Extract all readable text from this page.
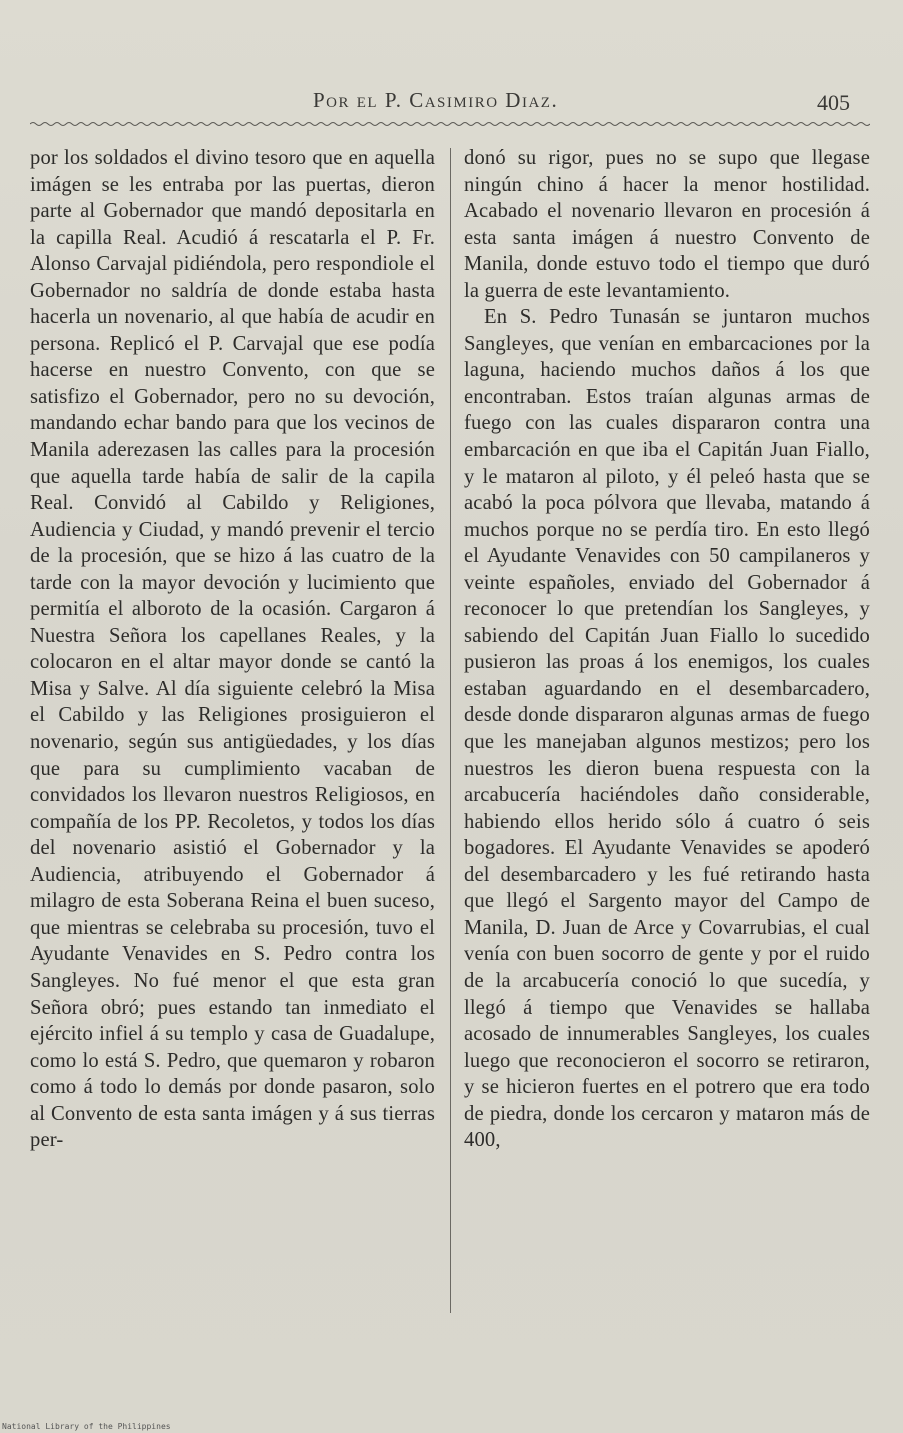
Por el P. Casimiro Diaz.	405

por los soldados el divino tesoro que en aquella imágen se les entraba por las puertas, dieron parte al Gobernador que mandó depositarla en la capilla Real. Acudió á rescatarla el P. Fr. Alonso Carvajal pidiéndola, pero respondiole el Gobernador no saldría de donde estaba hasta hacerla un novenario, al que había de acudir en persona. Replicó el P. Carvajal que ese podía hacerse en nuestro Convento, con que se satisfizo el Gobernador, pero no su devoción, mandando echar bando para que los vecinos de Manila aderezasen las calles para la procesión que aquella tarde había de salir de la capila Real. Convidó al Cabildo y Religiones, Audiencia y Ciudad, y mandó prevenir el tercio de la procesión, que se hizo á las cuatro de la tarde con la mayor devoción y lucimiento que permitía el alboroto de la ocasión. Cargaron á Nuestra Señora los capellanes Reales, y la colocaron en el altar mayor donde se cantó la Misa y Salve. Al día siguiente celebró la Misa el Cabildo y las Religiones prosiguieron el novenario, según sus antigüedades, y los días que para su cumplimiento vacaban de convidados los llevaron nuestros Religiosos, en compañía de los PP. Recoletos, y todos los días del novenario asistió el Gobernador y la Audiencia, atribuyendo el Gobernador á milagro de esta Soberana Reina el buen suceso, que mientras se celebraba su procesión, tuvo el Ayudante Venavides en S. Pedro contra los Sangleyes. No fué menor el que esta gran Señora obró; pues estando tan inmediato el ejército infiel á su templo y casa de Guadalupe, como lo está S. Pedro, que quemaron y robaron como á todo lo demás por donde pasaron, solo al Convento de esta santa imágen y á sus tierras per-

donó su rigor, pues no se supo que llegase ningún chino á hacer la menor hostilidad. Acabado el novenario llevaron en procesión á esta santa imágen á nuestro Convento de Manila, donde estuvo todo el tiempo que duró la guerra de este levantamiento.

En S. Pedro Tunasán se juntaron muchos Sangleyes, que venían en embarcaciones por la laguna, haciendo muchos daños á los que encontraban. Estos traían algunas armas de fuego con las cuales dispararon contra una embarcación en que iba el Capitán Juan Fiallo, y le mataron al piloto, y él peleó hasta que se acabó la poca pólvora que llevaba, matando á muchos porque no se perdía tiro. En esto llegó el Ayudante Venavides con 50 campilaneros y veinte españoles, enviado del Gobernador á reconocer lo que pretendían los Sangleyes, y sabiendo del Capitán Juan Fiallo lo sucedido pusieron las proas á los enemigos, los cuales estaban aguardando en el desembarcadero, desde donde dispararon algunas armas de fuego que les manejaban algunos mestizos; pero los nuestros les dieron buena respuesta con la arcabucería haciéndoles daño considerable, habiendo ellos herido sólo á cuatro ó seis bogadores. El Ayudante Venavides se apoderó del desembarcadero y les fué retirando hasta que llegó el Sargento mayor del Campo de Manila, D. Juan de Arce y Covarrubias, el cual venía con buen socorro de gente y por el ruido de la arcabucería conoció lo que sucedía, y llegó á tiempo que Venavides se hallaba acosado de innumerables Sangleyes, los cuales luego que reconocieron el socorro se retiraron, y se hicieron fuertes en el potrero que era todo de piedra, donde los cercaron y mataron más de 400,

National Library of the Philippines
